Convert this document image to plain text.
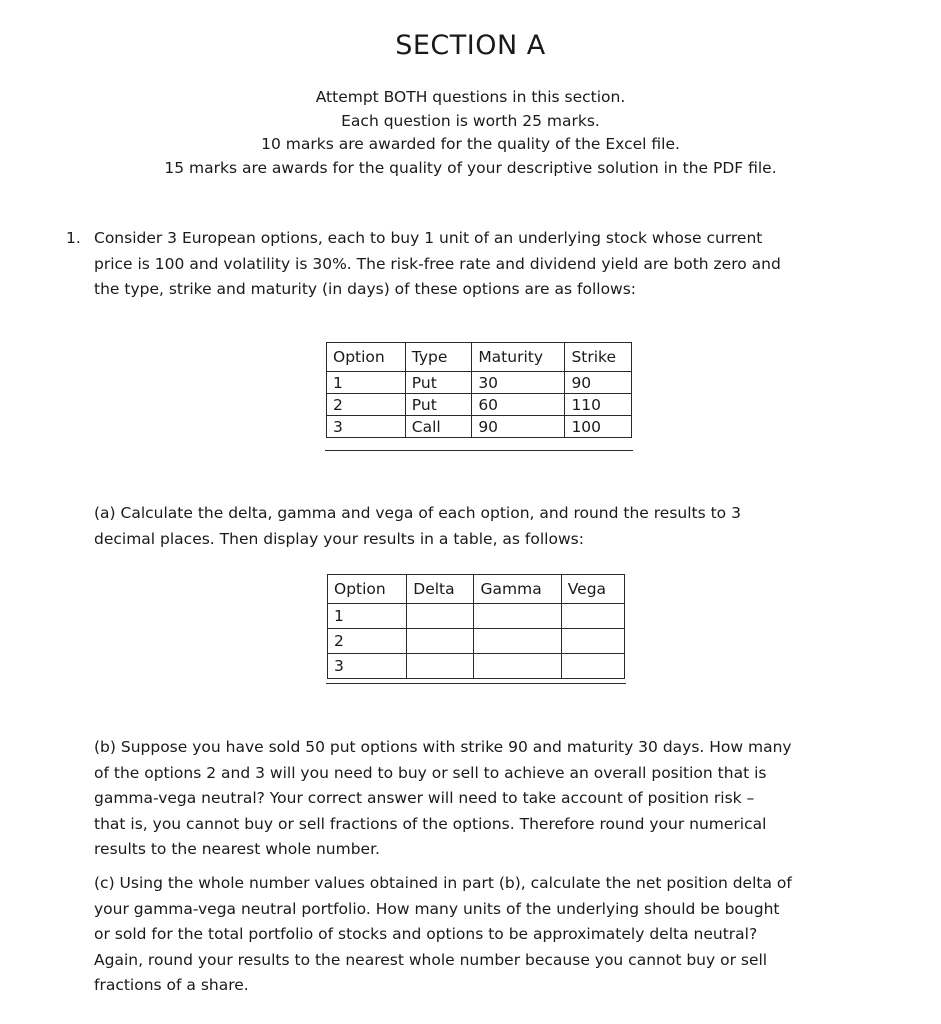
SECTION A
Attempt BOTH questions in this section.
Each question is worth 25 marks.
10 marks are awarded for the quality of the Excel file.
15 marks are awards for the quality of your descriptive solution in the PDF file.
1. Consider 3 European options, each to buy 1 unit of an underlying stock whose current
price is 100 and volatility is 30%. The risk-free rate and dividend yield are both zero and
the type, strike and maturity (in days) of these options are as follows:

Option	Type	Maturity	Strike
1	Put	30	90
2	Put	60	110
3	Call	90	100

(a) Calculate the delta, gamma and vega of each option, and round the results to 3
decimal places. Then display your results in a table, as follows:

Option	Delta	Gamma	Vega
1			
2			
3			

(b) Suppose you have sold 50 put options with strike 90 and maturity 30 days. How many
of the options 2 and 3 will you need to buy or sell to achieve an overall position that is
gamma-vega neutral? Your correct answer will need to take account of position risk –
that is, you cannot buy or sell fractions of the options. Therefore round your numerical
results to the nearest whole number.

(c) Using the whole number values obtained in part (b), calculate the net position delta of
your gamma-vega neutral portfolio. How many units of the underlying should be bought
or sold for the total portfolio of stocks and options to be approximately delta neutral?
Again, round your results to the nearest whole number because you cannot buy or sell
fractions of a share.
